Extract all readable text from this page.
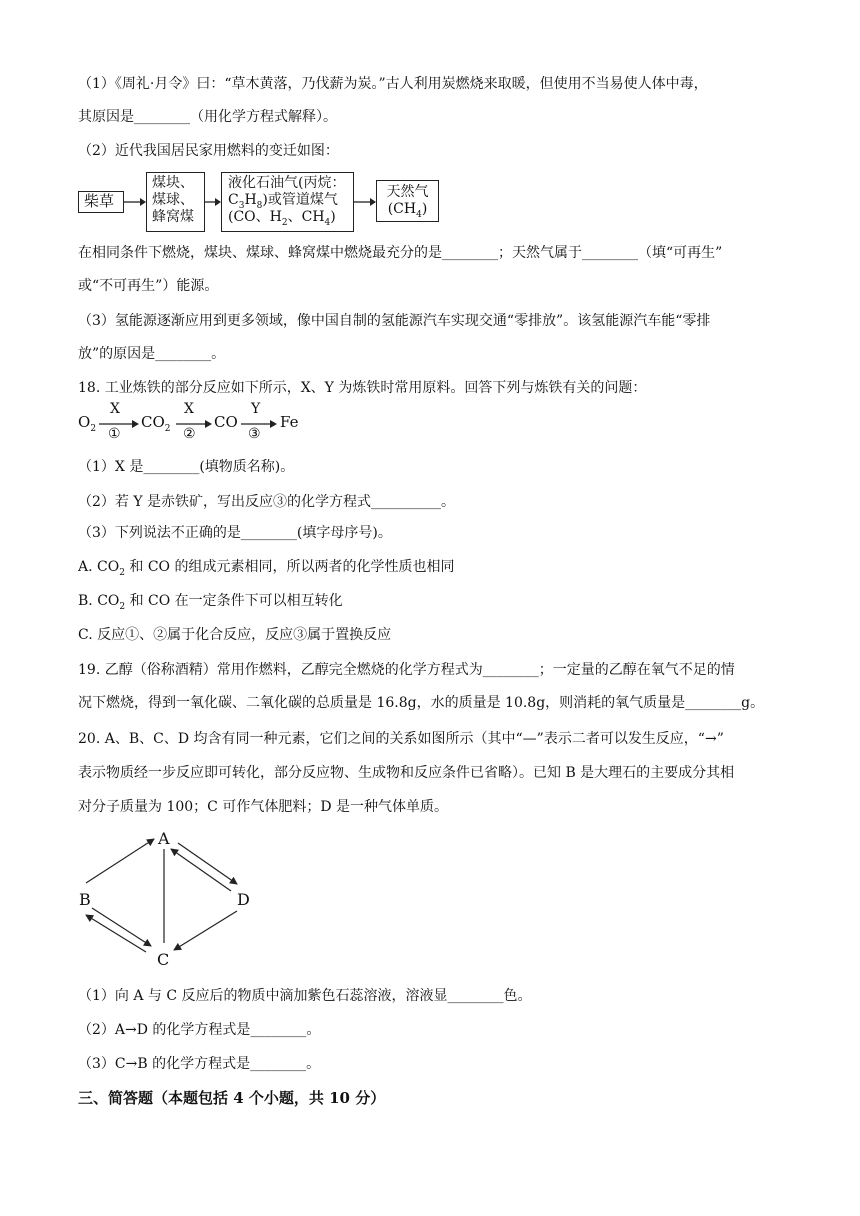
（1）《周礼·月令》曰：“草木黄落，乃伐薪为炭。”古人利用炭燃烧来取暖，但使用不当易使人体中毒，
其原因是________（用化学方程式解释）。
（2）近代我国居民家用燃料的变迁如图：
柴草
煤块、
煤球、
蜂窝煤
液化石油气(丙烷：
$C_3H_8$)或管道煤气
(CO、$H_2$、$CH_4$)
天然气
$(CH_4)$
在相同条件下燃烧，煤块、煤球、蜂窝煤中燃烧最充分的是________；天然气属于________（填“可再生”
或“不可再生”）能源。
（3）氢能源逐渐应用到更多领域，像中国自制的氢能源汽车实现交通“零排放”。该氢能源汽车能“零排
放”的原因是________。
18. 工业炼铁的部分反应如下所示，X、Y 为炼铁时常用原料。回答下列与炼铁有关的问题：
$O_2$
X
①
$CO_2$
X
②
CO
Y
③
Fe
（1）X 是________(填物质名称)。
（2）若 Y 是赤铁矿，写出反应③的化学方程式__________。
（3）下列说法不正确的是________(填字母序号)。
A. $CO_2$ 和 CO 的组成元素相同，所以两者的化学性质也相同
B. $CO_2$ 和 CO 在一定条件下可以相互转化
C. 反应①、②属于化合反应，反应③属于置换反应
19. 乙醇（俗称酒精）常用作燃料，乙醇完全燃烧的化学方程式为________；一定量的乙醇在氧气不足的情
况下燃烧，得到一氧化碳、二氧化碳的总质量是 16.8g，水的质量是 10.8g，则消耗的氧气质量是________g。
20. A、B、C、D 均含有同一种元素，它们之间的关系如图所示（其中“—”表示二者可以发生反应，“→”
表示物质经一步反应即可转化，部分反应物、生成物和反应条件已省略）。已知 B 是大理石的主要成分其相
对分子质量为 100；C 可作气体肥料；D 是一种气体单质。
A
B
C
D
（1）向 A 与 C 反应后的物质中滴加紫色石蕊溶液，溶液显________色。
（2）A→D 的化学方程式是________。
（3）C→B 的化学方程式是________。
三、简答题（本题包括 4 个小题，共 10 分）
